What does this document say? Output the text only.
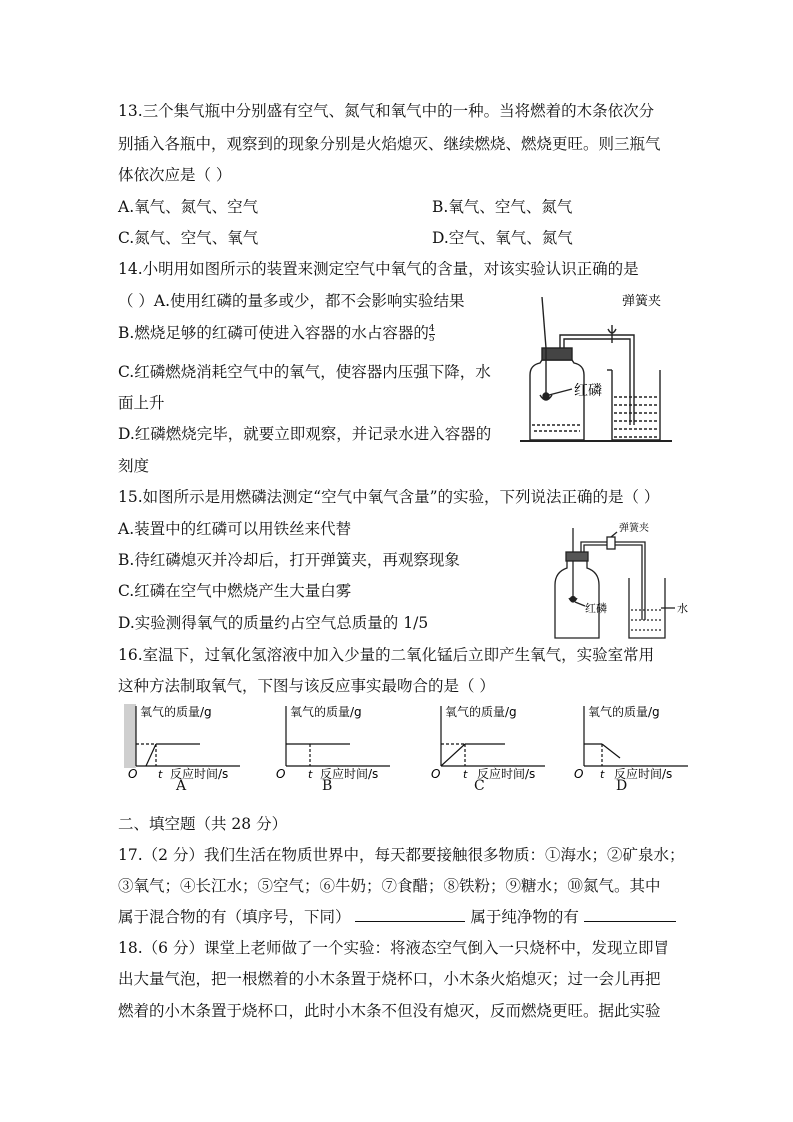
13.三个集气瓶中分别盛有空气、氮气和氧气中的一种。当将燃着的木条依次分
别插入各瓶中，观察到的现象分别是火焰熄灭、继续燃烧、燃烧更旺。则三瓶气
体依次应是（ ）
A.氧气、氮气、空气	B.氧气、空气、氮气
C.氮气、空气、氧气	D.空气、氧气、氮气
14.小明用如图所示的装置来测定空气中氧气的含量，对该实验认识正确的是
（ ）A.使用红磷的量多或少，都不会影响实验结果
B.燃烧足够的红磷可使进入容器的水占容器的 $\frac{4}{5}$
C.红磷燃烧消耗空气中的氧气，使容器内压强下降，水
面上升
D.红磷燃烧完毕，就要立即观察，并记录水进入容器的
刻度
弹簧夹
红磷
15.如图所示是用燃磷法测定“空气中氧气含量”的实验，下列说法正确的是（ ）
A.装置中的红磷可以用铁丝来代替
B.待红磷熄灭并冷却后，打开弹簧夹，再观察现象
C.红磷在空气中燃烧产生大量白雾
D.实验测得氧气的质量约占空气总质量的 1/5
弹簧夹
红磷	水
16.室温下，过氧化氢溶液中加入少量的二氧化锰后立即产生氧气，实验室常用
这种方法制取氧气，下图与该反应事实最吻合的是（ ）
氧气的质量/g
O t 反应时间/s
A
氧气的质量/g
O t 反应时间/s
B
氧气的质量/g
O t 反应时间/s
C
氧气的质量/g
O t 反应时间/s
D
二、填空题（共 28 分）
17.（2 分）我们生活在物质世界中，每天都要接触很多物质：①海水；②矿泉水；
③氧气；④长江水；⑤空气；⑥牛奶；⑦食醋；⑧铁粉；⑨糖水；⑩氮气。其中
属于混合物的有（填序号，下同）	属于纯净物的有
18.（6 分）课堂上老师做了一个实验：将液态空气倒入一只烧杯中，发现立即冒
出大量气泡，把一根燃着的小木条置于烧杯口，小木条火焰熄灭；过一会儿再把
燃着的小木条置于烧杯口，此时小木条不但没有熄灭，反而燃烧更旺。据此实验
